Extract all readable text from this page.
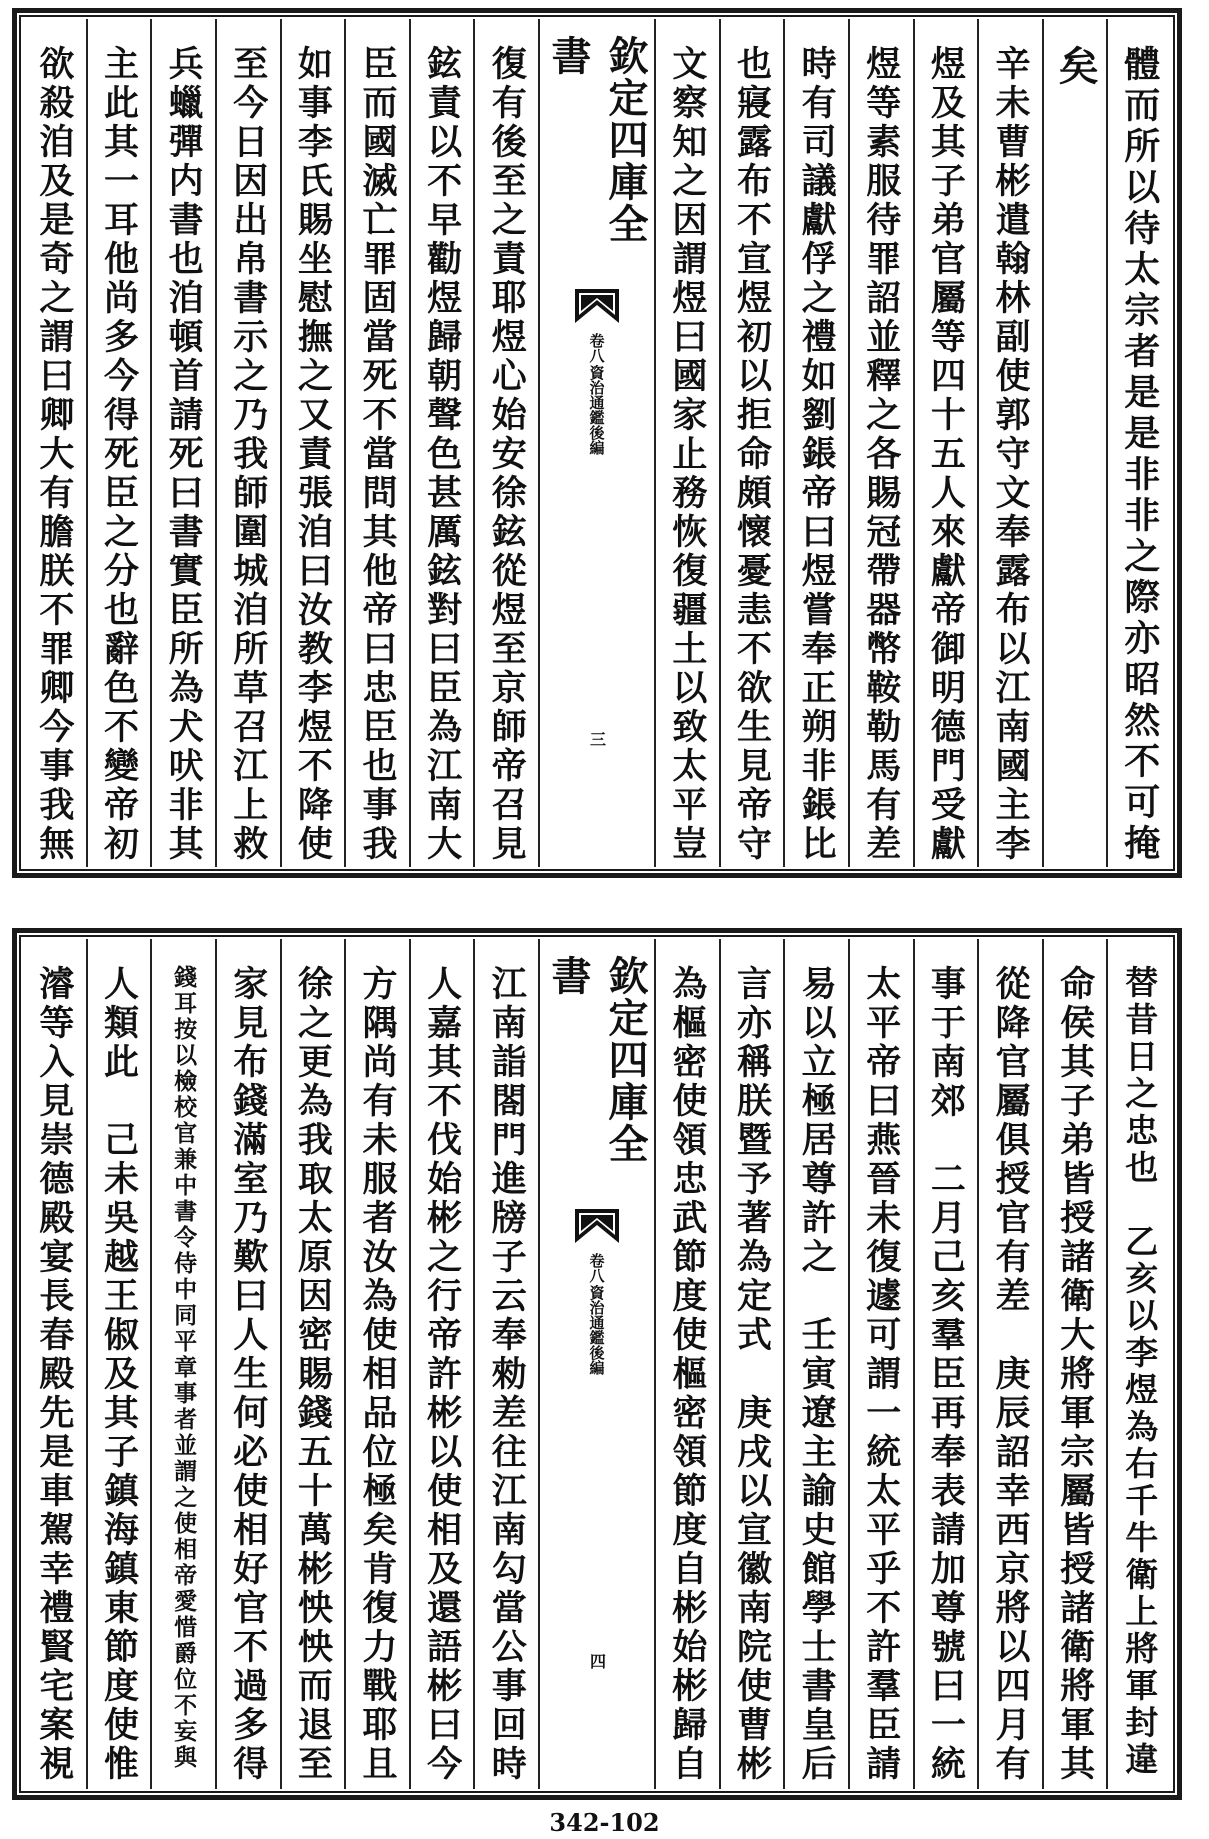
體而所以待太宗者是是非非之際亦昭然不可掩
矣
辛未曹彬遣翰林副使郭守文奉露布以江南國主李
煜及其子弟官屬等四十五人來獻帝御明德門受獻
煜等素服待罪詔並釋之各賜冠帶器幣鞍勒馬有差
時有司議獻俘之禮如劉鋹帝曰煜嘗奉正朔非鋹比
也寢露布不宣煜初以拒命頗懷憂恚不欲生見帝守
文察知之因謂煜曰國家止務恢復疆土以致太平豈
欽定四庫全書
資治通鑑後編
卷八
三
復有後至之責耶煜心始安徐鉉從煜至京師帝召見
鉉責以不早勸煜歸朝聲色甚厲鉉對曰臣為江南大
臣而國滅亡罪固當死不當問其他帝曰忠臣也事我
如事李氏賜坐慰撫之又責張洎曰汝教李煜不降使
至今日因出帛書示之乃我師圍城洎所草召江上救
兵蠟彈内書也洎頓首請死曰書實臣所為犬吠非其
主此其一耳他尚多今得死臣之分也辭色不變帝初
欲殺洎及是奇之謂曰卿大有膽朕不罪卿今事我無
替昔日之忠也　乙亥以李煜為右千牛衛上將軍封違
命侯其子弟皆授諸衛大將軍宗屬皆授諸衛將軍其
從降官屬俱授官有差　庚辰詔幸西京將以四月有
事于南郊　二月己亥羣臣再奉表請加尊號曰一統
太平帝曰燕晉未復遽可謂一統太平乎不許羣臣請
易以立極居尊許之　壬寅遼主諭史館學士書皇后
言亦稱朕暨予著為定式　庚戌以宣徽南院使曹彬
為樞密使領忠武節度使樞密領節度自彬始彬歸自
欽定四庫全書
資治通鑑後編
卷八
四
江南詣閤門進牓子云奉勑差往江南勾當公事回時
人嘉其不伐始彬之行帝許彬以使相及還語彬曰今
方隅尚有未服者汝為使相品位極矣肯復力戰耶且
徐之更為我取太原因密賜錢五十萬彬怏怏而退至
家見布錢滿室乃歎曰人生何必使相好官不過多得
錢耳按以檢校官兼中書令侍中同平章事者並謂之使相帝愛惜爵位不妄與
人類此　己未吳越王俶及其子鎮海鎮東節度使惟
濬等入見崇德殿宴長春殿先是車駕幸禮賢宅案視
342-102
